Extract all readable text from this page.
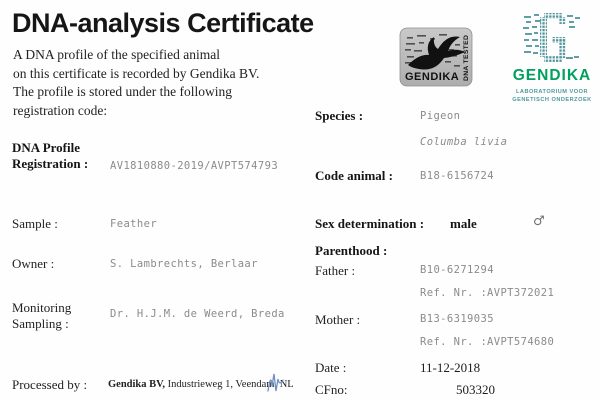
DNA-analysis Certificate
A DNA profile of the specified animal
on this certificate is recorded by Gendika BV.
The profile is stored under the following
registration code:
GENDIKA DNA TESTED	GENDIKA
LABORATORIUM VOOR
GENETISCH ONDERZOEK
DNA Profile
Registration : AV1810880-2019/AVPT574793
Sample :	Feather
Owner :	S. Lambrechts, Berlaar
Monitoring
Sampling :
Dr. H.J.M. de Weerd, Breda
Processed by : Gendika BV, Industrieweg 1, Veendam, NL
Species :	Pigeon
Columba livia
Code animal :	B18-6156724
Sex determination : male	♂
Parenthood :
Father :	B10-6271294
Ref. Nr. : AVPT372021
Mother :	B13-6319035
Ref. Nr. : AVPT574680
Date :	11-12-2018
CFno:	503320
